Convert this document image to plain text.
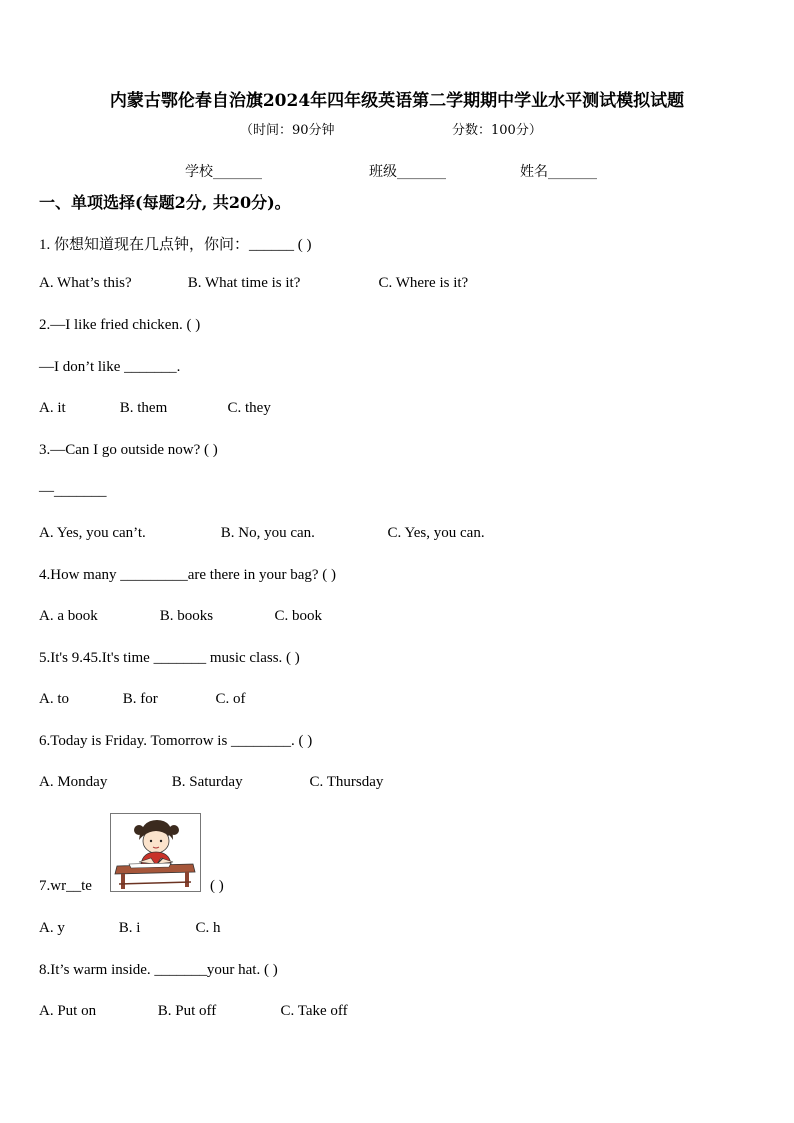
内蒙古鄂伦春自治旗2024年四年级英语第二学期期中学业水平测试模拟试题
（时间：90分钟	分数：100分）
学校_______	班级_______	姓名_______
一、单项选择(每题2分, 共20分)。
1. 你想知道现在几点钟，你问：______ ( )
A. What’s this?	B. What time is it?	C. Where is it?
2.—I like fried chicken. ( )
—I don’t like _______.
A. it	B. them	C. they
3.—Can I go outside now? ( )
—_______
A. Yes, you can’t.	B. No, you can.	C. Yes, you can.
4.How many _________are there in your bag? ( )
A. a book	B. books	C. book
5.It's 9.45.It's time _______ music class. ( )
A. to	B. for	C. of
6.Today is Friday. Tomorrow is ________. ( )
A. Monday	B. Saturday	C. Thursday
7.wr__te	( )
A. y	B. i	C. h
8.It’s warm inside. _______your hat. ( )
A. Put on	B. Put off	C. Take off
